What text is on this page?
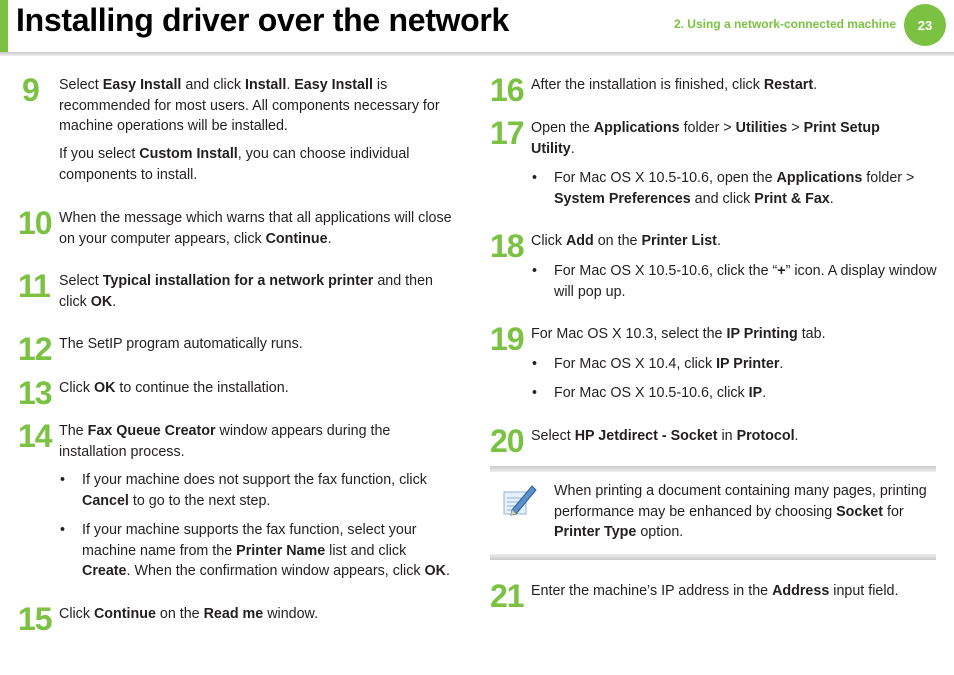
Installing driver over the network	2. Using a network-connected machine	23
9 Select Easy Install and click Install. Easy Install is
recommended for most users. All components necessary for
machine operations will be installed.
If you select Custom Install, you can choose individual
components to install.
10 When the message which warns that all applications will close
on your computer appears, click Continue.
11 Select Typical installation for a network printer and then
click OK.
12 The SetIP program automatically runs.
13 Click OK to continue the installation.
14 The Fax Queue Creator window appears during the
installation process.
• If your machine does not support the fax function, click
Cancel to go to the next step.
• If your machine supports the fax function, select your
machine name from the Printer Name list and click
Create. When the confirmation window appears, click OK.
15 Click Continue on the Read me window.
16 After the installation is finished, click Restart.
17 Open the Applications folder > Utilities > Print Setup
Utility.
• For Mac OS X 10.5-10.6, open the Applications folder >
System Preferences and click Print & Fax.
18 Click Add on the Printer List.
• For Mac OS X 10.5-10.6, click the “+” icon. A display window
will pop up.
19 For Mac OS X 10.3, select the IP Printing tab.
• For Mac OS X 10.4, click IP Printer.
• For Mac OS X 10.5-10.6, click IP.
20 Select HP Jetdirect - Socket in Protocol.
When printing a document containing many pages, printing
performance may be enhanced by choosing Socket for
Printer Type option.
21 Enter the machine’s IP address in the Address input field.
